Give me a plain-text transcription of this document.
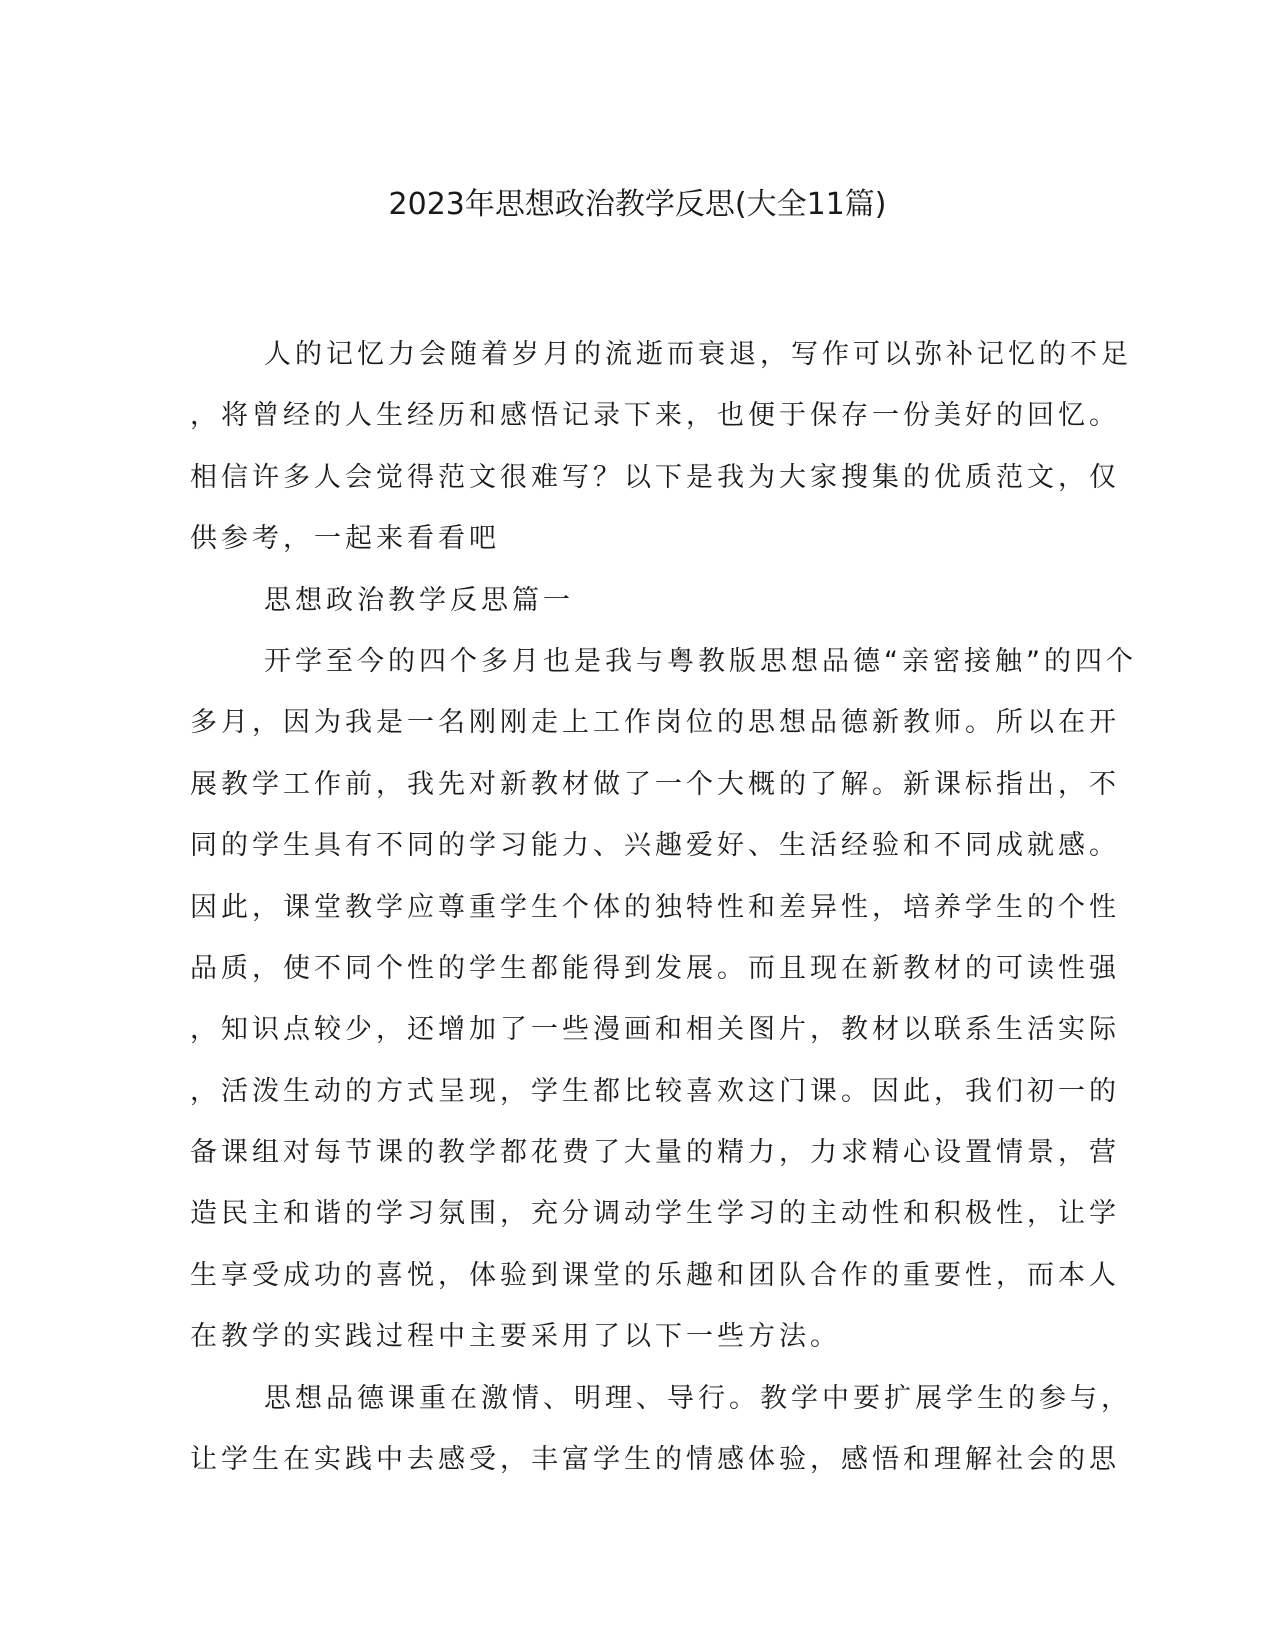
2023年思想政治教学反思(大全11篇)
人的记忆力会随着岁月的流逝而衰退，写作可以弥补记忆的不足
，将曾经的人生经历和感悟记录下来，也便于保存一份美好的回忆。
相信许多人会觉得范文很难写？以下是我为大家搜集的优质范文，仅
供参考，一起来看看吧
思想政治教学反思篇一
开学至今的四个多月也是我与粤教版思想品德“亲密接触”的四个
多月，因为我是一名刚刚走上工作岗位的思想品德新教师。所以在开
展教学工作前，我先对新教材做了一个大概的了解。新课标指出，不
同的学生具有不同的学习能力、兴趣爱好、生活经验和不同成就感。
因此，课堂教学应尊重学生个体的独特性和差异性，培养学生的个性
品质，使不同个性的学生都能得到发展。而且现在新教材的可读性强
，知识点较少，还增加了一些漫画和相关图片，教材以联系生活实际
，活泼生动的方式呈现，学生都比较喜欢这门课。因此，我们初一的
备课组对每节课的教学都花费了大量的精力，力求精心设置情景，营
造民主和谐的学习氛围，充分调动学生学习的主动性和积极性，让学
生享受成功的喜悦，体验到课堂的乐趣和团队合作的重要性，而本人
在教学的实践过程中主要采用了以下一些方法。
思想品德课重在激情、明理、导行。教学中要扩展学生的参与，
让学生在实践中去感受，丰富学生的情感体验，感悟和理解社会的思
